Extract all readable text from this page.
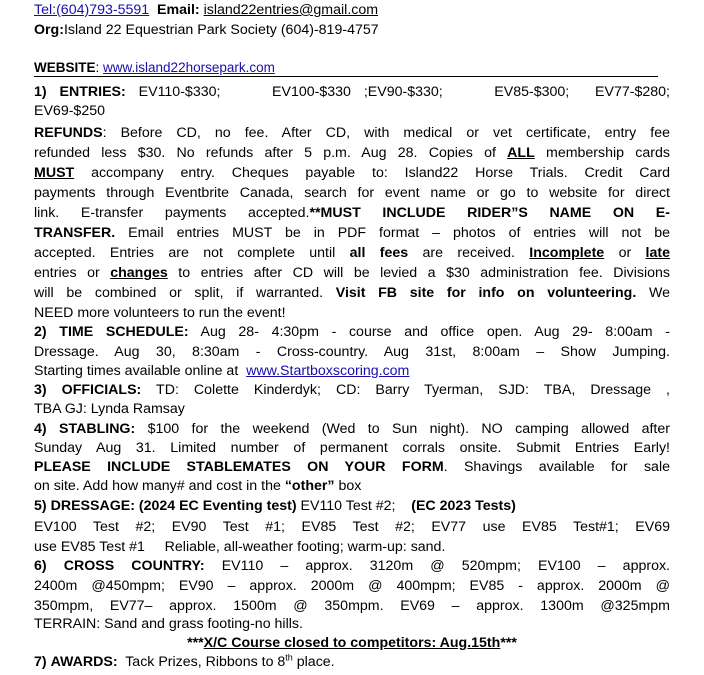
Tel:(604)793-5591 Email: island22entries@gmail.com
Org:Island 22 Equestrian Park Society (604)-819-4757
WEBSITE: www.island22horsepark.com
1) ENTRIES: EV110-$330;    EV100-$330 ;EV90-$330;    EV85-$300;  EV77-$280;
EV69-$250
REFUNDS: Before CD, no fee. After CD, with medical or vet certificate, entry fee
refunded less $30. No refunds after 5 p.m. Aug 28. Copies of ALL membership cards
MUST accompany entry. Cheques payable to: Island22 Horse Trials. Credit Card
payments through Eventbrite Canada, search for event name or go to website for direct
link. E-transfer payments accepted.**MUST INCLUDE RIDER”S NAME ON E-
TRANSFER. Email entries MUST be in PDF format – photos of entries will not be
accepted. Entries are not complete until all fees are received. Incomplete or late
entries or changes to entries after CD will be levied a $30 administration fee. Divisions
will be combined or split, if warranted. Visit FB site for info on volunteering. We
NEED more volunteers to run the event!
2) TIME SCHEDULE: Aug 28- 4:30pm - course and office open. Aug 29- 8:00am -
Dressage. Aug 30, 8:30am - Cross-country. Aug 31st, 8:00am – Show Jumping.
Starting times available online at www.Startboxscoring.com
3) OFFICIALS: TD: Colette Kinderdyk; CD: Barry Tyerman, SJD: TBA, Dressage ,
TBA GJ: Lynda Ramsay
4) STABLING: $100 for the weekend (Wed to Sun night). NO camping allowed after
Sunday Aug 31. Limited number of permanent corrals onsite. Submit Entries Early!
PLEASE INCLUDE STABLEMATES ON YOUR FORM. Shavings available for sale
on site. Add how many# and cost in the “other” box
5) DRESSAGE: (2024 EC Eventing test) EV110 Test #2; (EC 2023 Tests)
EV100 Test #2; EV90 Test #1; EV85 Test #2; EV77 use EV85 Test#1; EV69
use EV85 Test #1     Reliable, all-weather footing; warm-up: sand.
6) CROSS COUNTRY: EV110 – approx. 3120m @ 520mpm; EV100 – approx.
2400m @450mpm; EV90 – approx. 2000m @ 400mpm; EV85 - approx. 2000m @
350mpm, EV77– approx. 1500m @ 350mpm. EV69 – approx. 1300m @325mpm
TERRAIN: Sand and grass footing-no hills.
***X/C Course closed to competitors: Aug.15th***
7) AWARDS: Tack Prizes, Ribbons to 8th place.
